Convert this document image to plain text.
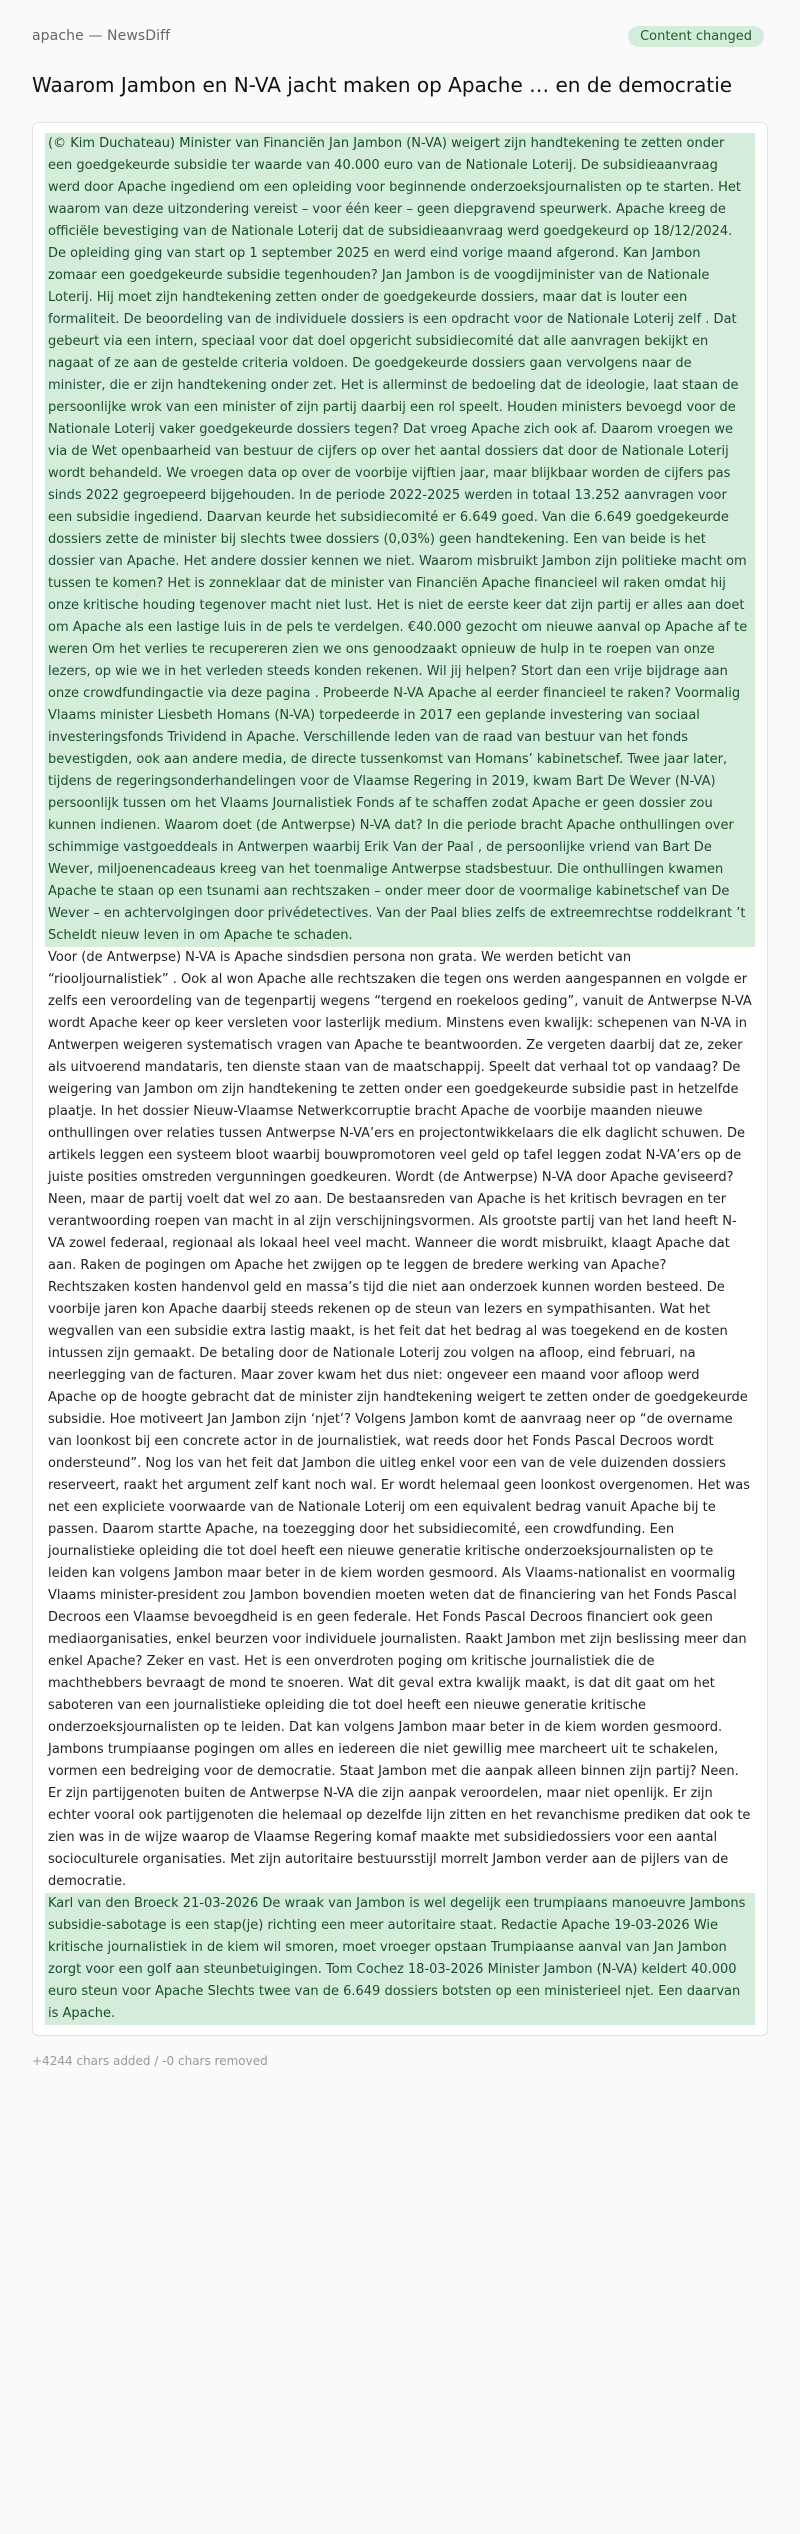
apache — NewsDiff	Content changed
Waarom Jambon en N-VA jacht maken op Apache … en de democratie
(© Kim Duchateau) Minister van Financiën Jan Jambon (N-VA) weigert zijn handtekening te zetten onder een goedgekeurde subsidie ter waarde van 40.000 euro van de Nationale Loterij. De subsidieaanvraag werd door Apache ingediend om een opleiding voor beginnende onderzoeksjournalisten op te starten. Het waarom van deze uitzondering vereist – voor één keer – geen diepgravend speurwerk. Apache kreeg de officiële bevestiging van de Nationale Loterij dat de subsidieaanvraag werd goedgekeurd op 18/12/2024. De opleiding ging van start op 1 september 2025 en werd eind vorige maand afgerond. Kan Jambon zomaar een goedgekeurde subsidie tegenhouden? Jan Jambon is de voogdijminister van de Nationale Loterij. Hij moet zijn handtekening zetten onder de goedgekeurde dossiers, maar dat is louter een formaliteit. De beoordeling van de individuele dossiers is een opdracht voor de Nationale Loterij zelf . Dat gebeurt via een intern, speciaal voor dat doel opgericht subsidiecomité dat alle aanvragen bekijkt en nagaat of ze aan de gestelde criteria voldoen. De goedgekeurde dossiers gaan vervolgens naar de minister, die er zijn handtekening onder zet. Het is allerminst de bedoeling dat de ideologie, laat staan de persoonlijke wrok van een minister of zijn partij daarbij een rol speelt. Houden ministers bevoegd voor de Nationale Loterij vaker goedgekeurde dossiers tegen? Dat vroeg Apache zich ook af. Daarom vroegen we via de Wet openbaarheid van bestuur de cijfers op over het aantal dossiers dat door de Nationale Loterij wordt behandeld. We vroegen data op over de voorbije vijftien jaar, maar blijkbaar worden de cijfers pas sinds 2022 gegroepeerd bijgehouden. In de periode 2022-2025 werden in totaal 13.252 aanvragen voor een subsidie ingediend. Daarvan keurde het subsidiecomité er 6.649 goed. Van die 6.649 goedgekeurde dossiers zette de minister bij slechts twee dossiers (0,03%) geen handtekening. Een van beide is het dossier van Apache. Het andere dossier kennen we niet. Waarom misbruikt Jambon zijn politieke macht om tussen te komen? Het is zonneklaar dat de minister van Financiën Apache financieel wil raken omdat hij onze kritische houding tegenover macht niet lust. Het is niet de eerste keer dat zijn partij er alles aan doet om Apache als een lastige luis in de pels te verdelgen. €40.000 gezocht om nieuwe aanval op Apache af te weren Om het verlies te recupereren zien we ons genoodzaakt opnieuw de hulp in te roepen van onze lezers, op wie we in het verleden steeds konden rekenen. Wil jij helpen? Stort dan een vrije bijdrage aan onze crowdfundingactie via deze pagina . Probeerde N-VA Apache al eerder financieel te raken? Voormalig Vlaams minister Liesbeth Homans (N-VA) torpedeerde in 2017 een geplande investering van sociaal investeringsfonds Trividend in Apache. Verschillende leden van de raad van bestuur van het fonds bevestigden, ook aan andere media, de directe tussenkomst van Homans’ kabinetschef. Twee jaar later, tijdens de regeringsonderhandelingen voor de Vlaamse Regering in 2019, kwam Bart De Wever (N-VA) persoonlijk tussen om het Vlaams Journalistiek Fonds af te schaffen zodat Apache er geen dossier zou kunnen indienen. Waarom doet (de Antwerpse) N-VA dat? In die periode bracht Apache onthullingen over schimmige vastgoeddeals in Antwerpen waarbij Erik Van der Paal , de persoonlijke vriend van Bart De Wever, miljoenencadeaus kreeg van het toenmalige Antwerpse stadsbestuur. Die onthullingen kwamen Apache te staan op een tsunami aan rechtszaken – onder meer door de voormalige kabinetschef van De Wever – en achtervolgingen door privédetectives. Van der Paal blies zelfs de extreemrechtse roddelkrant ’t Scheldt nieuw leven in om Apache te schaden.
Voor (de Antwerpse) N-VA is Apache sindsdien persona non grata. We werden beticht van “riooljournalistiek” . Ook al won Apache alle rechtszaken die tegen ons werden aangespannen en volgde er zelfs een veroordeling van de tegenpartij wegens “tergend en roekeloos geding”, vanuit de Antwerpse N-VA wordt Apache keer op keer versleten voor lasterlijk medium. Minstens even kwalijk: schepenen van N-VA in Antwerpen weigeren systematisch vragen van Apache te beantwoorden. Ze vergeten daarbij dat ze, zeker als uitvoerend mandataris, ten dienste staan van de maatschappij. Speelt dat verhaal tot op vandaag? De weigering van Jambon om zijn handtekening te zetten onder een goedgekeurde subsidie past in hetzelfde plaatje. In het dossier Nieuw-Vlaamse Netwerkcorruptie bracht Apache de voorbije maanden nieuwe onthullingen over relaties tussen Antwerpse N-VA’ers en projectontwikkelaars die elk daglicht schuwen. De artikels leggen een systeem bloot waarbij bouwpromotoren veel geld op tafel leggen zodat N-VA’ers op de juiste posities omstreden vergunningen goedkeuren. Wordt (de Antwerpse) N-VA door Apache geviseerd? Neen, maar de partij voelt dat wel zo aan. De bestaansreden van Apache is het kritisch bevragen en ter verantwoording roepen van macht in al zijn verschijningsvormen. Als grootste partij van het land heeft N-VA zowel federaal, regionaal als lokaal heel veel macht. Wanneer die wordt misbruikt, klaagt Apache dat aan. Raken de pogingen om Apache het zwijgen op te leggen de bredere werking van Apache? Rechtszaken kosten handenvol geld en massa’s tijd die niet aan onderzoek kunnen worden besteed. De voorbije jaren kon Apache daarbij steeds rekenen op de steun van lezers en sympathisanten. Wat het wegvallen van een subsidie extra lastig maakt, is het feit dat het bedrag al was toegekend en de kosten intussen zijn gemaakt. De betaling door de Nationale Loterij zou volgen na afloop, eind februari, na neerlegging van de facturen. Maar zover kwam het dus niet: ongeveer een maand voor afloop werd Apache op de hoogte gebracht dat de minister zijn handtekening weigert te zetten onder de goedgekeurde subsidie. Hoe motiveert Jan Jambon zijn ‘njet’? Volgens Jambon komt de aanvraag neer op “de overname van loonkost bij een concrete actor in de journalistiek, wat reeds door het Fonds Pascal Decroos wordt ondersteund”. Nog los van het feit dat Jambon die uitleg enkel voor een van de vele duizenden dossiers reserveert, raakt het argument zelf kant noch wal. Er wordt helemaal geen loonkost overgenomen. Het was net een expliciete voorwaarde van de Nationale Loterij om een equivalent bedrag vanuit Apache bij te passen. Daarom startte Apache, na toezegging door het subsidiecomité, een crowdfunding. Een journalistieke opleiding die tot doel heeft een nieuwe generatie kritische onderzoeksjournalisten op te leiden kan volgens Jambon maar beter in de kiem worden gesmoord. Als Vlaams-nationalist en voormalig Vlaams minister-president zou Jambon bovendien moeten weten dat de financiering van het Fonds Pascal Decroos een Vlaamse bevoegdheid is en geen federale. Het Fonds Pascal Decroos financiert ook geen mediaorganisaties, enkel beurzen voor individuele journalisten. Raakt Jambon met zijn beslissing meer dan enkel Apache? Zeker en vast. Het is een onverdroten poging om kritische journalistiek die de machthebbers bevraagt de mond te snoeren. Wat dit geval extra kwalijk maakt, is dat dit gaat om het saboteren van een journalistieke opleiding die tot doel heeft een nieuwe generatie kritische onderzoeksjournalisten op te leiden. Dat kan volgens Jambon maar beter in de kiem worden gesmoord. Jambons trumpiaanse pogingen om alles en iedereen die niet gewillig mee marcheert uit te schakelen, vormen een bedreiging voor de democratie. Staat Jambon met die aanpak alleen binnen zijn partij? Neen. Er zijn partijgenoten buiten de Antwerpse N-VA die zijn aanpak veroordelen, maar niet openlijk. Er zijn echter vooral ook partijgenoten die helemaal op dezelfde lijn zitten en het revanchisme prediken dat ook te zien was in de wijze waarop de Vlaamse Regering komaf maakte met subsidiedossiers voor een aantal socioculturele organisaties. Met zijn autoritaire bestuursstijl morrelt Jambon verder aan de pijlers van de democratie.
Karl van den Broeck 21-03-2026 De wraak van Jambon is wel degelijk een trumpiaans manoeuvre Jambons subsidie-sabotage is een stap(je) richting een meer autoritaire staat. Redactie Apache 19-03-2026 Wie kritische journalistiek in de kiem wil smoren, moet vroeger opstaan Trumpiaanse aanval van Jan Jambon zorgt voor een golf aan steunbetuigingen. Tom Cochez 18-03-2026 Minister Jambon (N-VA) keldert 40.000 euro steun voor Apache Slechts twee van de 6.649 dossiers botsten op een ministerieel njet. Een daarvan is Apache.
+4244 chars added / -0 chars removed
